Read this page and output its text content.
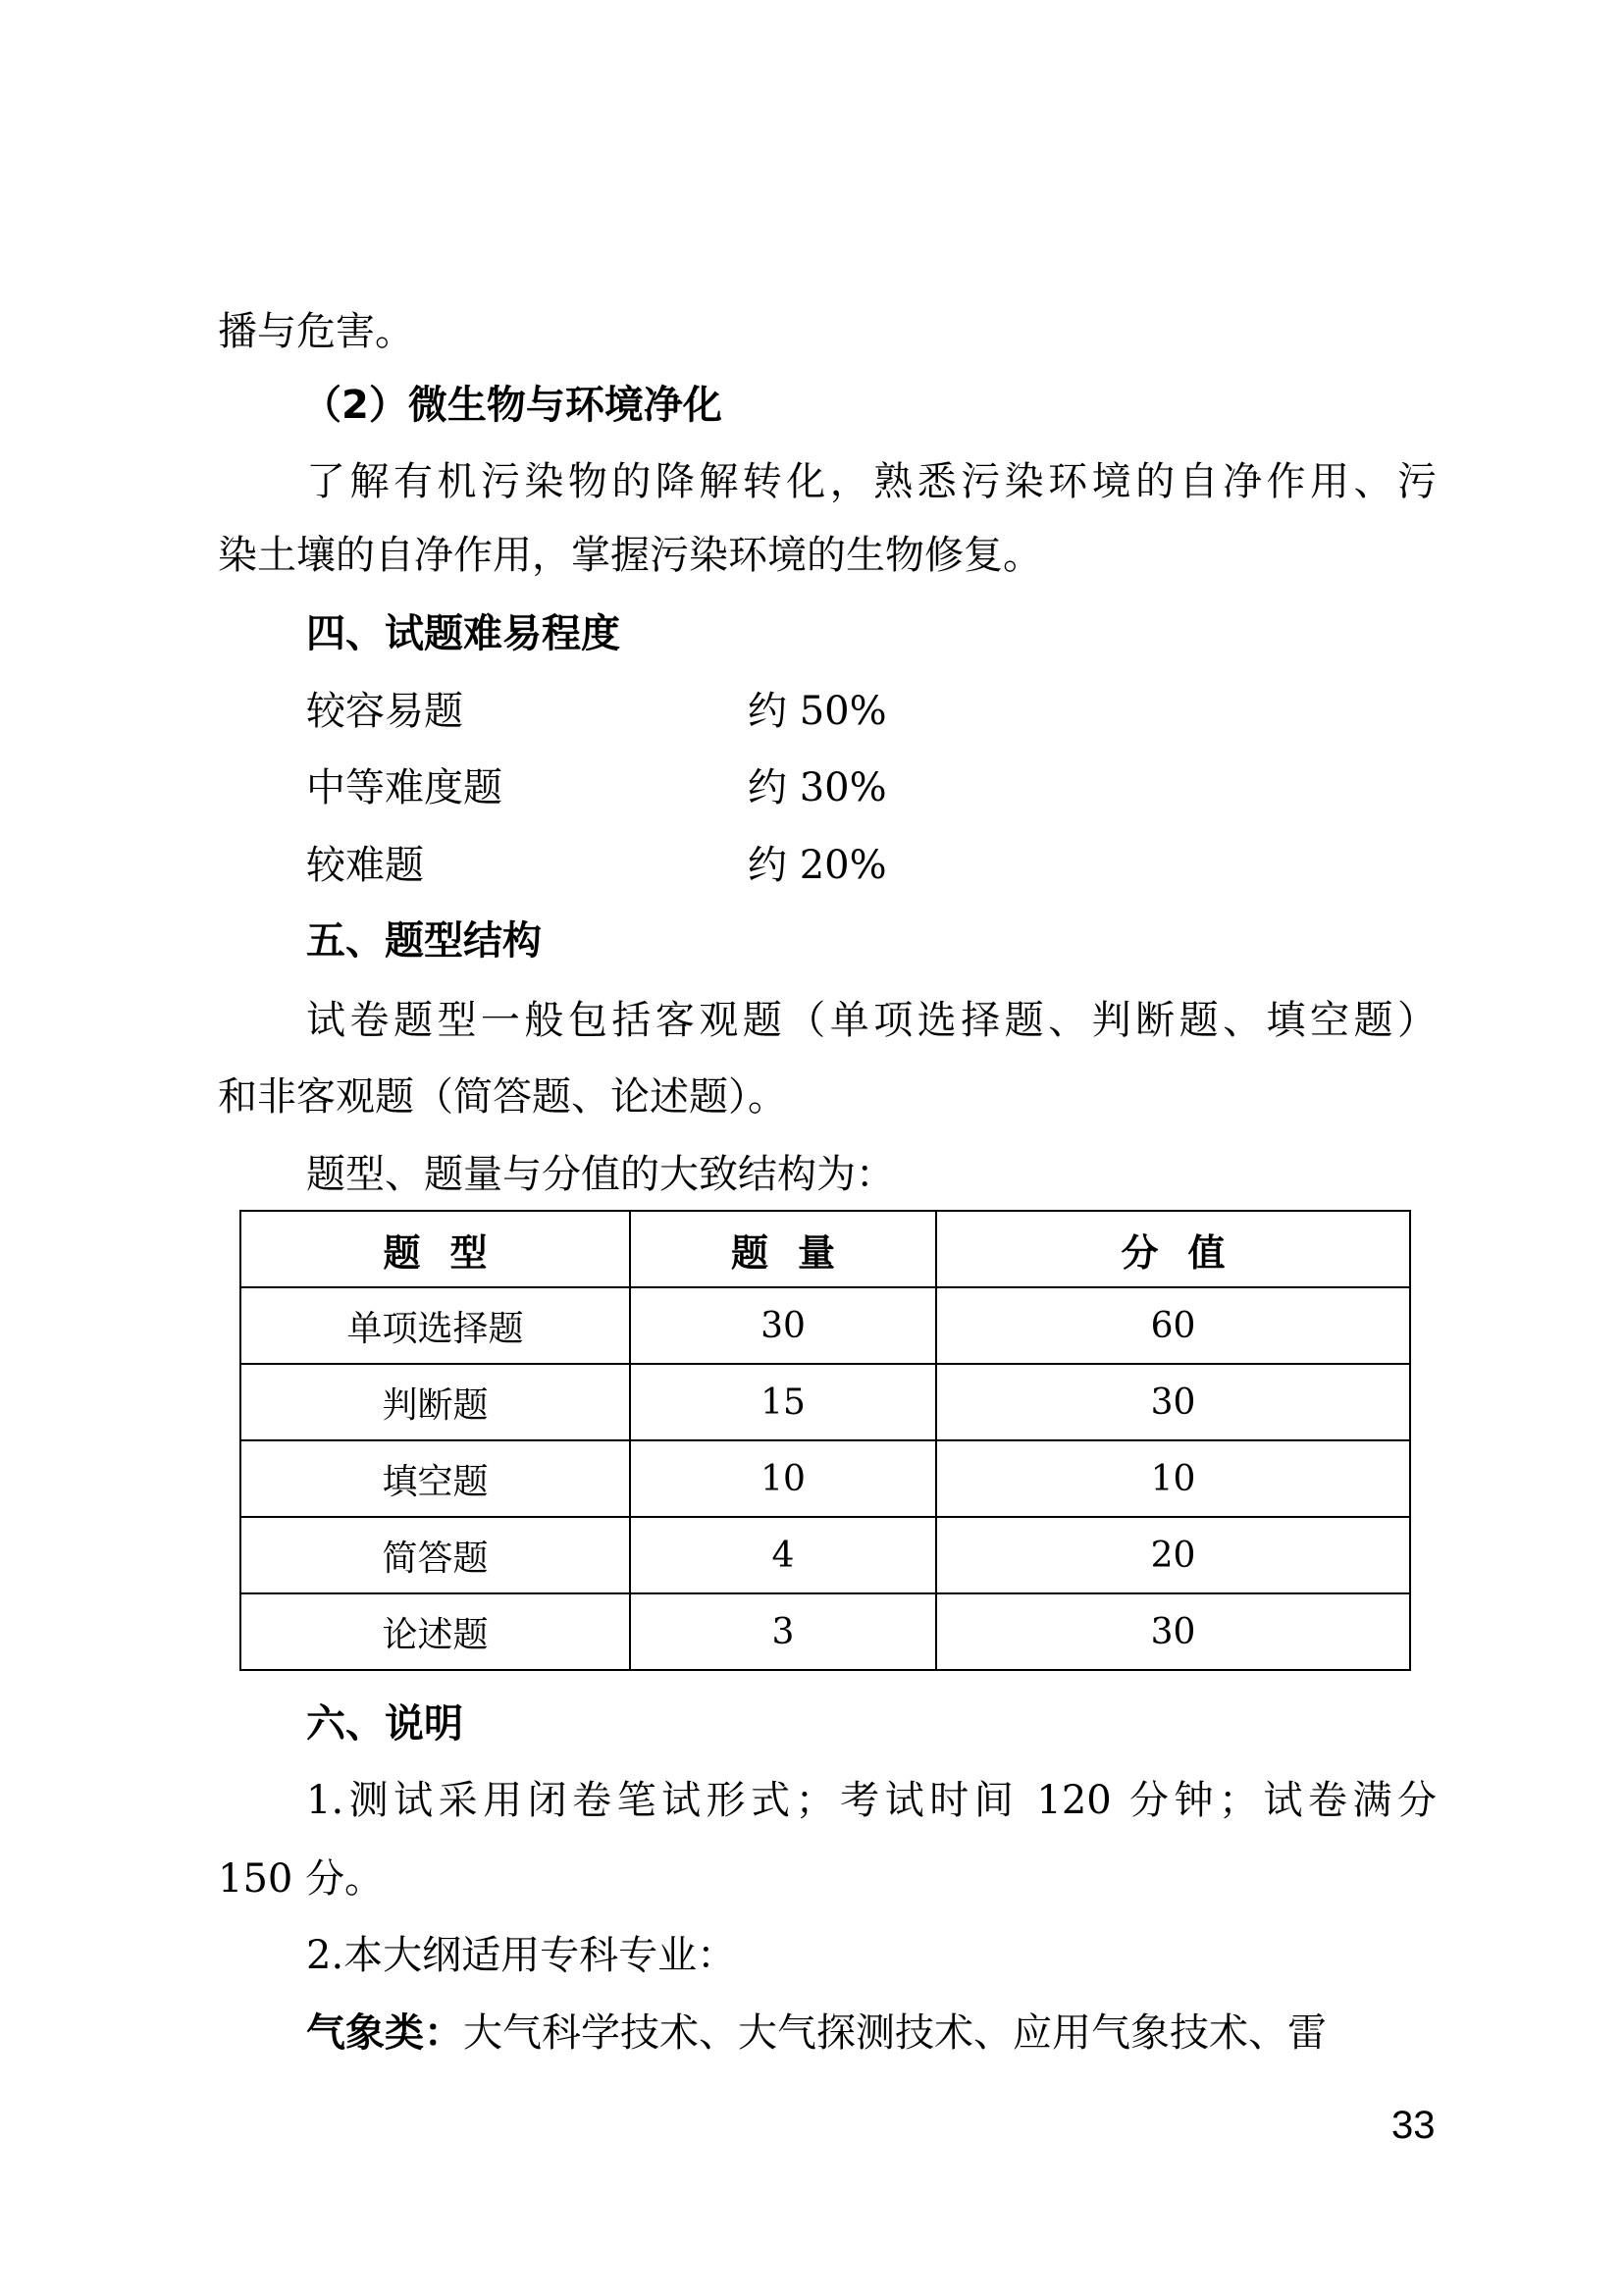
播与危害。
（2）微生物与环境净化
了解有机污染物的降解转化，熟悉污染环境的自净作用、污
染土壤的自净作用，掌握污染环境的生物修复。
四、试题难易程度
较容易题	约 50%
中等难度题	约 30%
较难题	约 20%
五、题型结构
试卷题型一般包括客观题（单项选择题、判断题、填空题）
和非客观题（简答题、论述题）。
题型、题量与分值的大致结构为：
题型	题量	分值
单项选择题	30	60
判断题	15	30
填空题	10	10
简答题	4	20
论述题	3	30
六、说明
1.测试采用闭卷笔试形式；考试时间 120 分钟；试卷满分
150 分。
2.本大纲适用专科专业：
气象类：大气科学技术、大气探测技术、应用气象技术、雷
33
